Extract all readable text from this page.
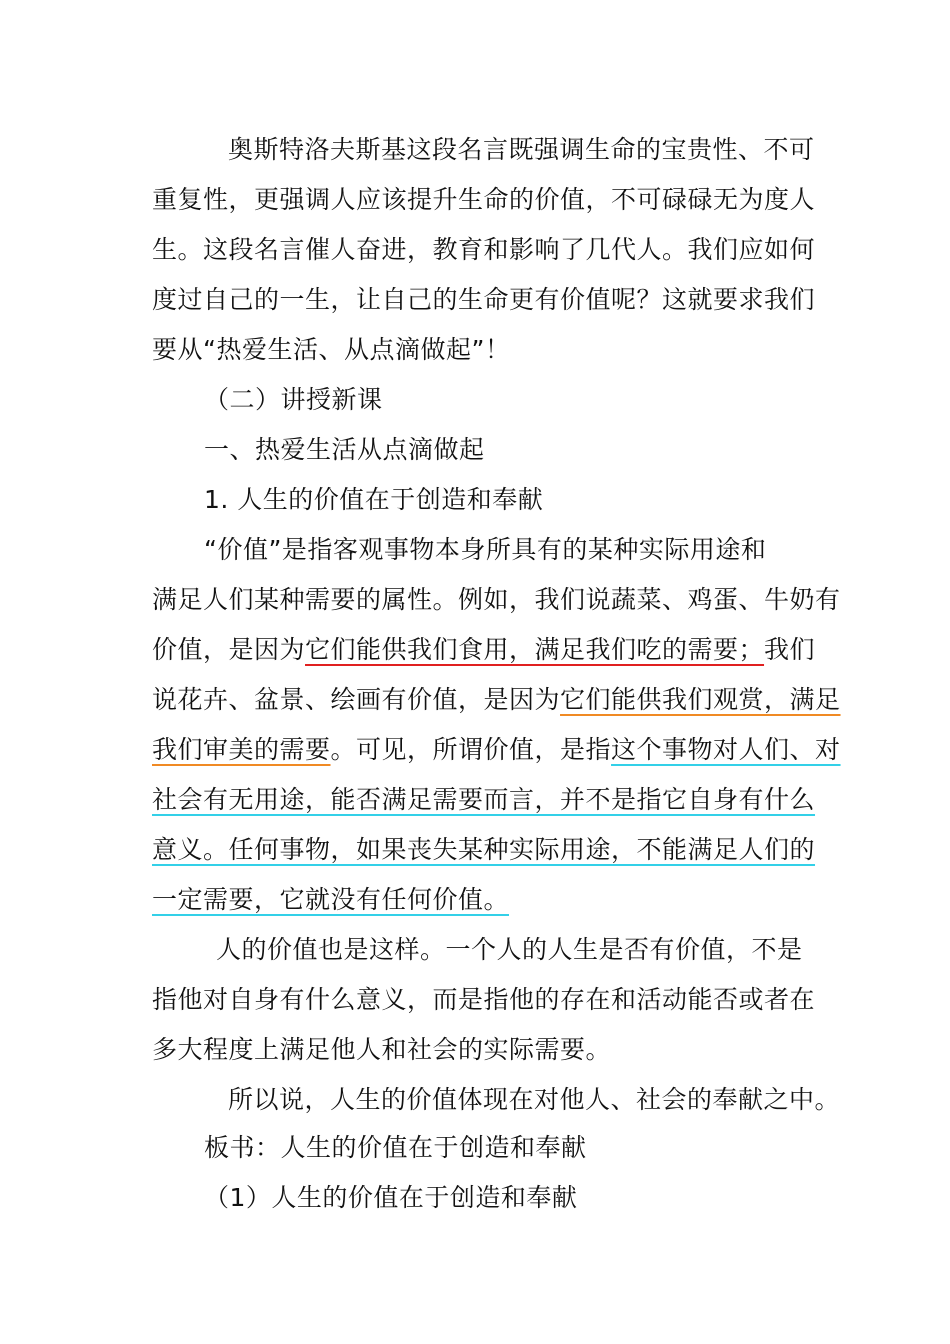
奥斯特洛夫斯基这段名言既强调生命的宝贵性、不可
重复性，更强调人应该提升生命的价值，不可碌碌无为度人
生。这段名言催人奋进，教育和影响了几代人。我们应如何
度过自己的一生，让自己的生命更有价值呢？这就要求我们
要从“热爱生活、从点滴做起”！
（二）讲授新课
一、热爱生活从点滴做起
1. 人生的价值在于创造和奉献
“价值”是指客观事物本身所具有的某种实际用途和
满足人们某种需要的属性。例如，我们说蔬菜、鸡蛋、牛奶有
价值，是因为它们能供我们食用，满足我们吃的需要；我们
说花卉、盆景、绘画有价值，是因为它们能供我们观赏，满足
我们审美的需要。可见，所谓价值，是指这个事物对人们、对
社会有无用途，能否满足需要而言，并不是指它自身有什么
意义。任何事物，如果丧失某种实际用途，不能满足人们的
一定需要，它就没有任何价值。
人的价值也是这样。一个人的人生是否有价值，不是
指他对自身有什么意义，而是指他的存在和活动能否或者在
多大程度上满足他人和社会的实际需要。
所以说，人生的价值体现在对他人、社会的奉献之中。
板书：人生的价值在于创造和奉献
（1）人生的价值在于创造和奉献
